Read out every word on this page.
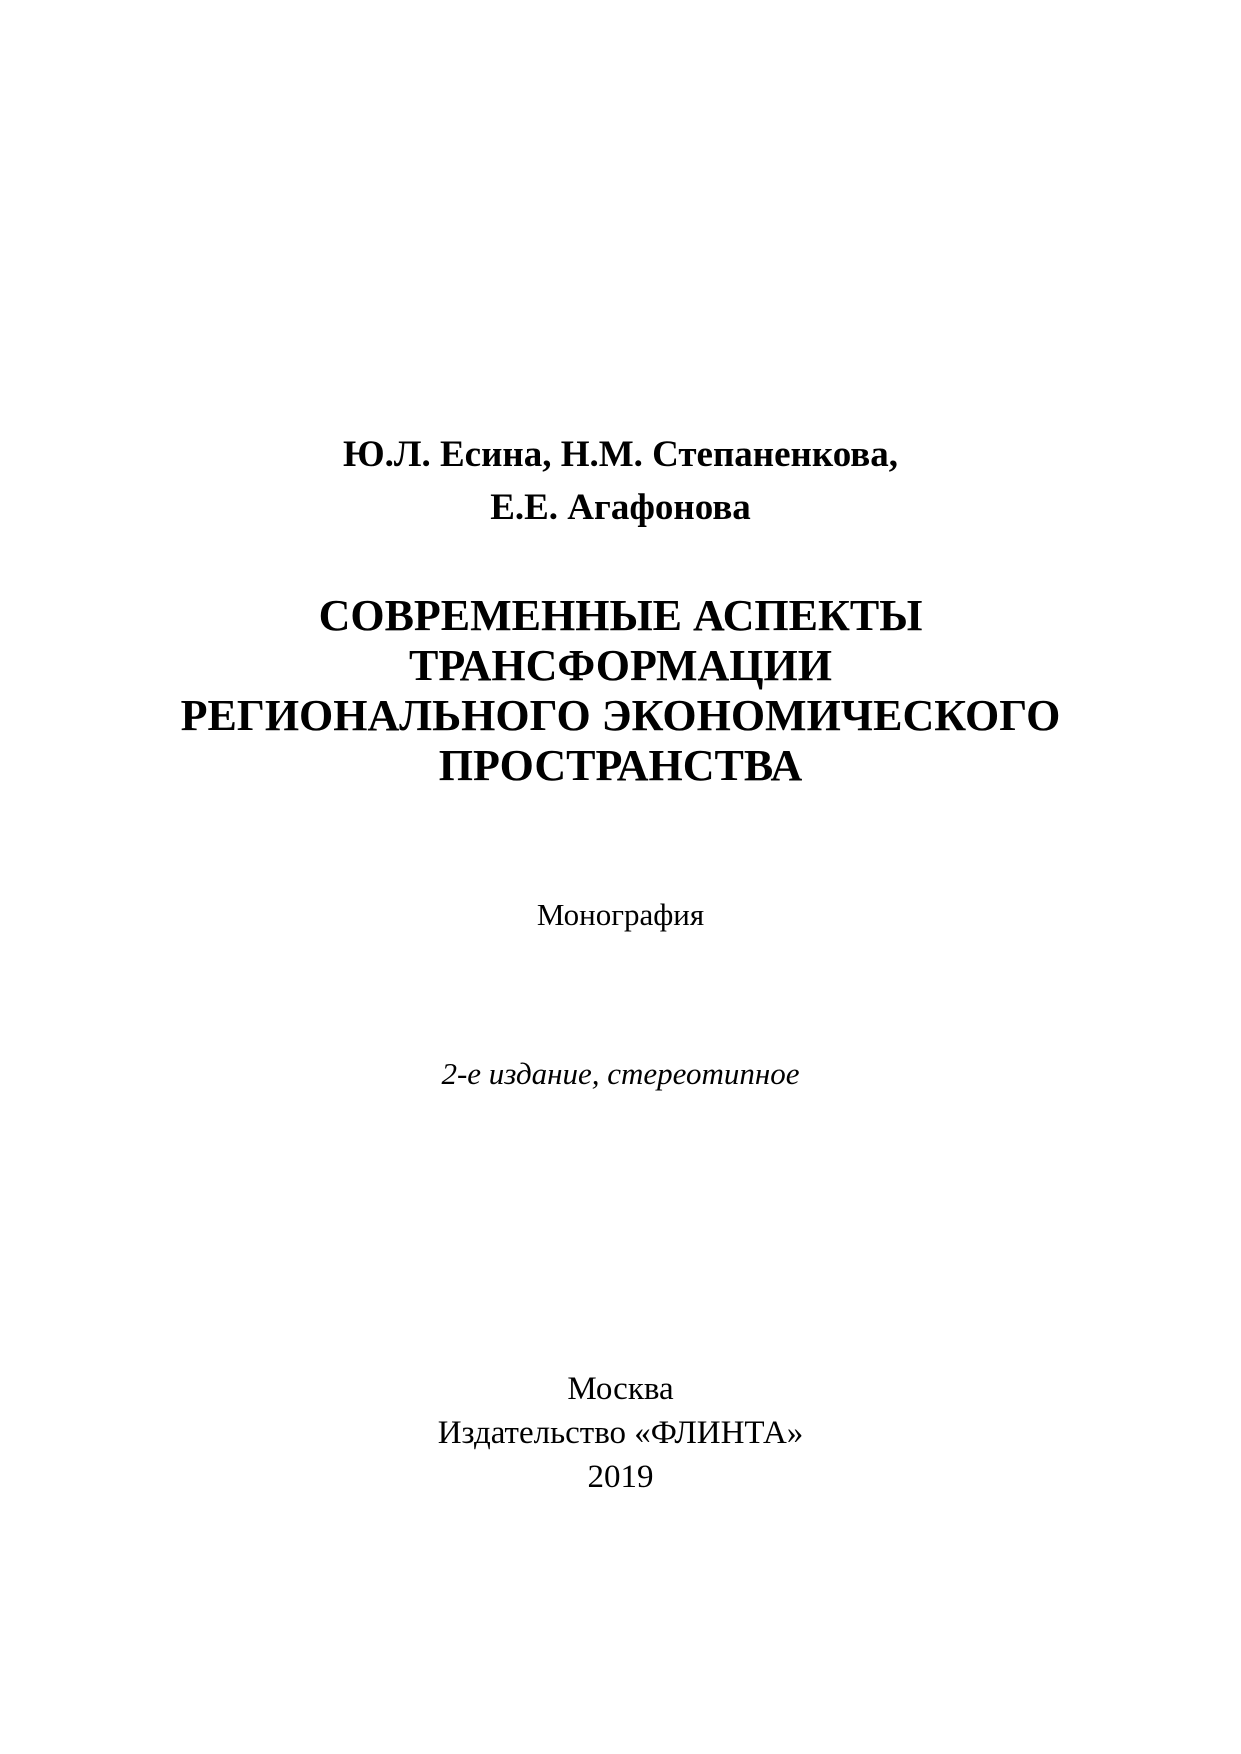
Ю.Л. Есина, Н.М. Степаненкова,
Е.Е. Агафонова
СОВРЕМЕННЫЕ АСПЕКТЫ
ТРАНСФОРМАЦИИ
РЕГИОНАЛЬНОГО ЭКОНОМИЧЕСКОГО
ПРОСТРАНСТВА
Монография
2-е издание, стереотипное
Москва
Издательство «ФЛИНТА»
2019
